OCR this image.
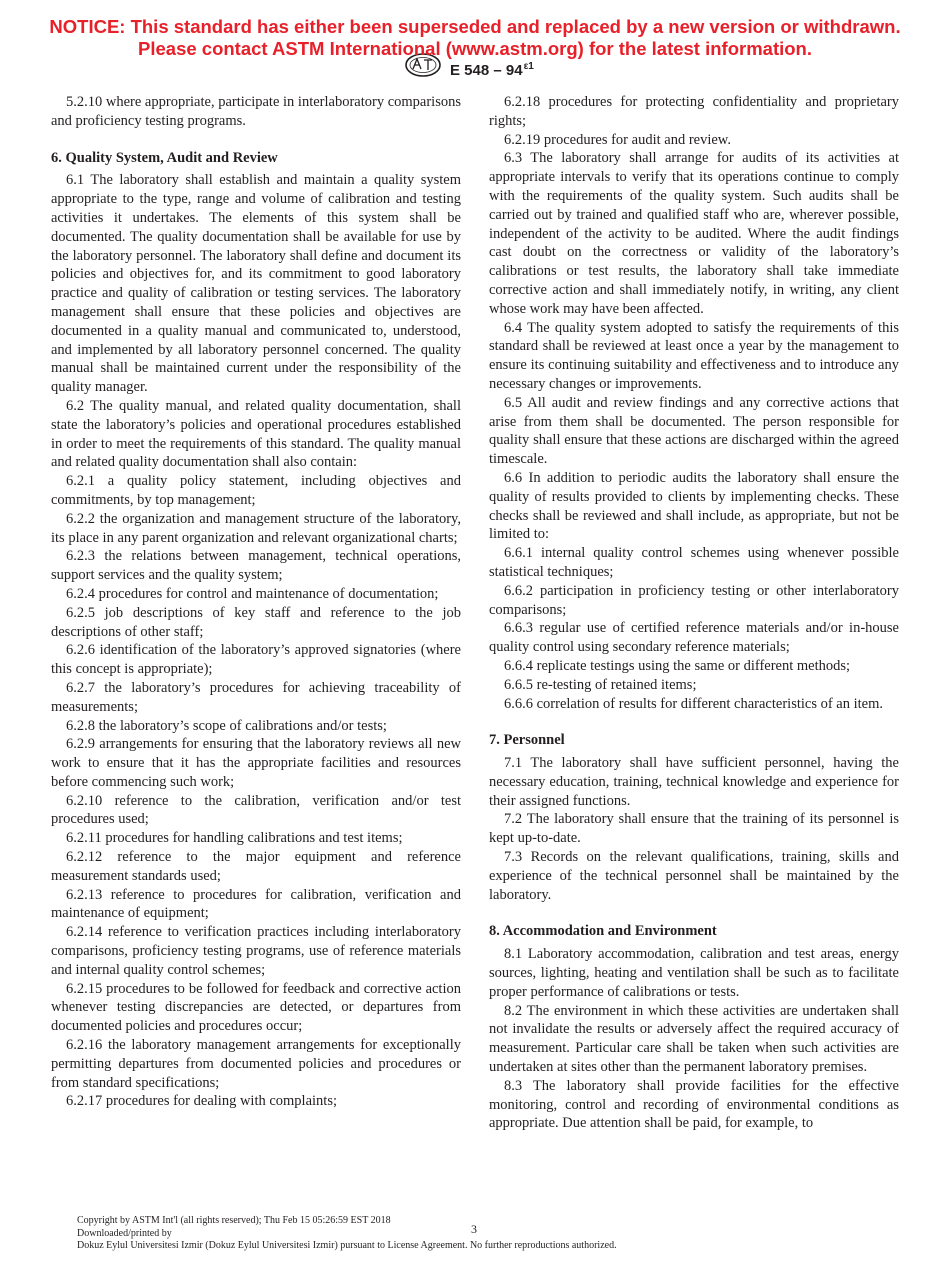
NOTICE: This standard has either been superseded and replaced by a new version or withdrawn.
Please contact ASTM International (www.astm.org) for the latest information.
E $548 - 94^{\varepsilon 1}$

5.2.10 where appropriate, participate in interlaboratory comparisons and proficiency testing programs.

6. Quality System, Audit and Review

6.1 The laboratory shall establish and maintain a quality system appropriate to the type, range and volume of calibration and testing activities it undertakes. The elements of this system shall be documented. The quality documentation shall be available for use by the laboratory personnel. The laboratory shall define and document its policies and objectives for, and its commitment to good laboratory practice and quality of calibration or testing services. The laboratory management shall ensure that these policies and objectives are documented in a quality manual and communicated to, understood, and implemented by all laboratory personnel concerned. The quality manual shall be maintained current under the responsibility of the quality manager.

6.2 The quality manual, and related quality documentation, shall state the laboratory’s policies and operational procedures established in order to meet the requirements of this standard. The quality manual and related quality documentation shall also contain:

6.2.1 a quality policy statement, including objectives and commitments, by top management;

6.2.2 the organization and management structure of the laboratory, its place in any parent organization and relevant organizational charts;

6.2.3 the relations between management, technical operations, support services and the quality system;

6.2.4 procedures for control and maintenance of documentation;

6.2.5 job descriptions of key staff and reference to the job descriptions of other staff;

6.2.6 identification of the laboratory’s approved signatories (where this concept is appropriate);

6.2.7 the laboratory’s procedures for achieving traceability of measurements;

6.2.8 the laboratory’s scope of calibrations and/or tests;

6.2.9 arrangements for ensuring that the laboratory reviews all new work to ensure that it has the appropriate facilities and resources before commencing such work;

6.2.10 reference to the calibration, verification and/or test procedures used;

6.2.11 procedures for handling calibrations and test items;

6.2.12 reference to the major equipment and reference measurement standards used;

6.2.13 reference to procedures for calibration, verification and maintenance of equipment;

6.2.14 reference to verification practices including interlaboratory comparisons, proficiency testing programs, use of reference materials and internal quality control schemes;

6.2.15 procedures to be followed for feedback and corrective action whenever testing discrepancies are detected, or departures from documented policies and procedures occur;

6.2.16 the laboratory management arrangements for exceptionally permitting departures from documented policies and procedures or from standard specifications;

6.2.17 procedures for dealing with complaints;

6.2.18 procedures for protecting confidentiality and proprietary rights;

6.2.19 procedures for audit and review.

6.3 The laboratory shall arrange for audits of its activities at appropriate intervals to verify that its operations continue to comply with the requirements of the quality system. Such audits shall be carried out by trained and qualified staff who are, wherever possible, independent of the activity to be audited. Where the audit findings cast doubt on the correctness or validity of the laboratory’s calibrations or test results, the laboratory shall take immediate corrective action and shall immediately notify, in writing, any client whose work may have been affected.

6.4 The quality system adopted to satisfy the requirements of this standard shall be reviewed at least once a year by the management to ensure its continuing suitability and effectiveness and to introduce any necessary changes or improvements.

6.5 All audit and review findings and any corrective actions that arise from them shall be documented. The person responsible for quality shall ensure that these actions are discharged within the agreed timescale.

6.6 In addition to periodic audits the laboratory shall ensure the quality of results provided to clients by implementing checks. These checks shall be reviewed and shall include, as appropriate, but not be limited to:

6.6.1 internal quality control schemes using whenever possible statistical techniques;

6.6.2 participation in proficiency testing or other interlaboratory comparisons;

6.6.3 regular use of certified reference materials and/or in-house quality control using secondary reference materials;

6.6.4 replicate testings using the same or different methods;

6.6.5 re-testing of retained items;

6.6.6 correlation of results for different characteristics of an item.

7. Personnel

7.1 The laboratory shall have sufficient personnel, having the necessary education, training, technical knowledge and experience for their assigned functions.

7.2 The laboratory shall ensure that the training of its personnel is kept up-to-date.

7.3 Records on the relevant qualifications, training, skills and experience of the technical personnel shall be maintained by the laboratory.

8. Accommodation and Environment

8.1 Laboratory accommodation, calibration and test areas, energy sources, lighting, heating and ventilation shall be such as to facilitate proper performance of calibrations or tests.

8.2 The environment in which these activities are undertaken shall not invalidate the results or adversely affect the required accuracy of measurement. Particular care shall be taken when such activities are undertaken at sites other than the permanent laboratory premises.

8.3 The laboratory shall provide facilities for the effective monitoring, control and recording of environmental conditions as appropriate. Due attention shall be paid, for example, to

Copyright by ASTM Int'l (all rights reserved); Thu Feb 15 05:26:59 EST 2018
Downloaded/printed by
Dokuz Eylul Universitesi Izmir (Dokuz Eylul Universitesi Izmir) pursuant to License Agreement. No further reproductions authorized.
3
